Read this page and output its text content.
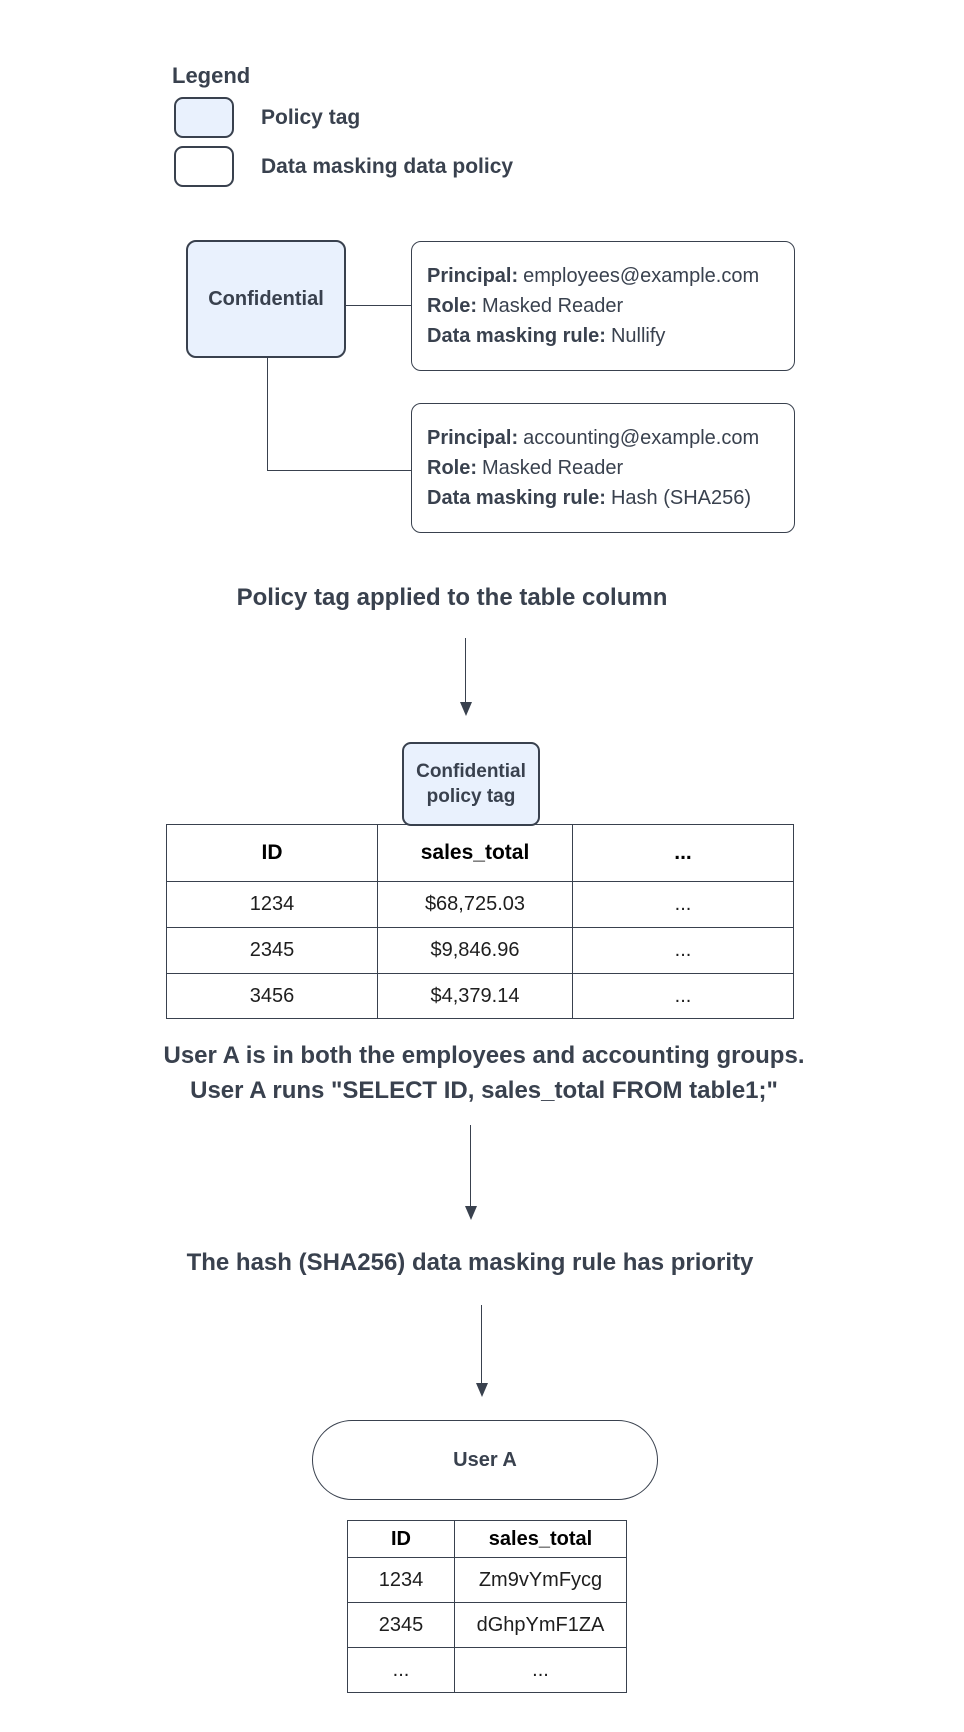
Legend
Policy tag
Data masking data policy
Confidential
Principal: employees@example.com
Role: Masked Reader
Data masking rule: Nullify
Principal: accounting@example.com
Role: Masked Reader
Data masking rule: Hash (SHA256)
Policy tag applied to the table column
Confidential
policy tag
ID	sales_total	...
1234	$68,725.03	...
2345	$9,846.96	...
3456	$4,379.14	...
User A is in both the employees and accounting groups.
User A runs "SELECT ID, sales_total FROM table1;"
The hash (SHA256) data masking rule has priority
User A
ID	sales_total
1234	Zm9vYmFycg
2345	dGhpYmF1ZA
...	...
